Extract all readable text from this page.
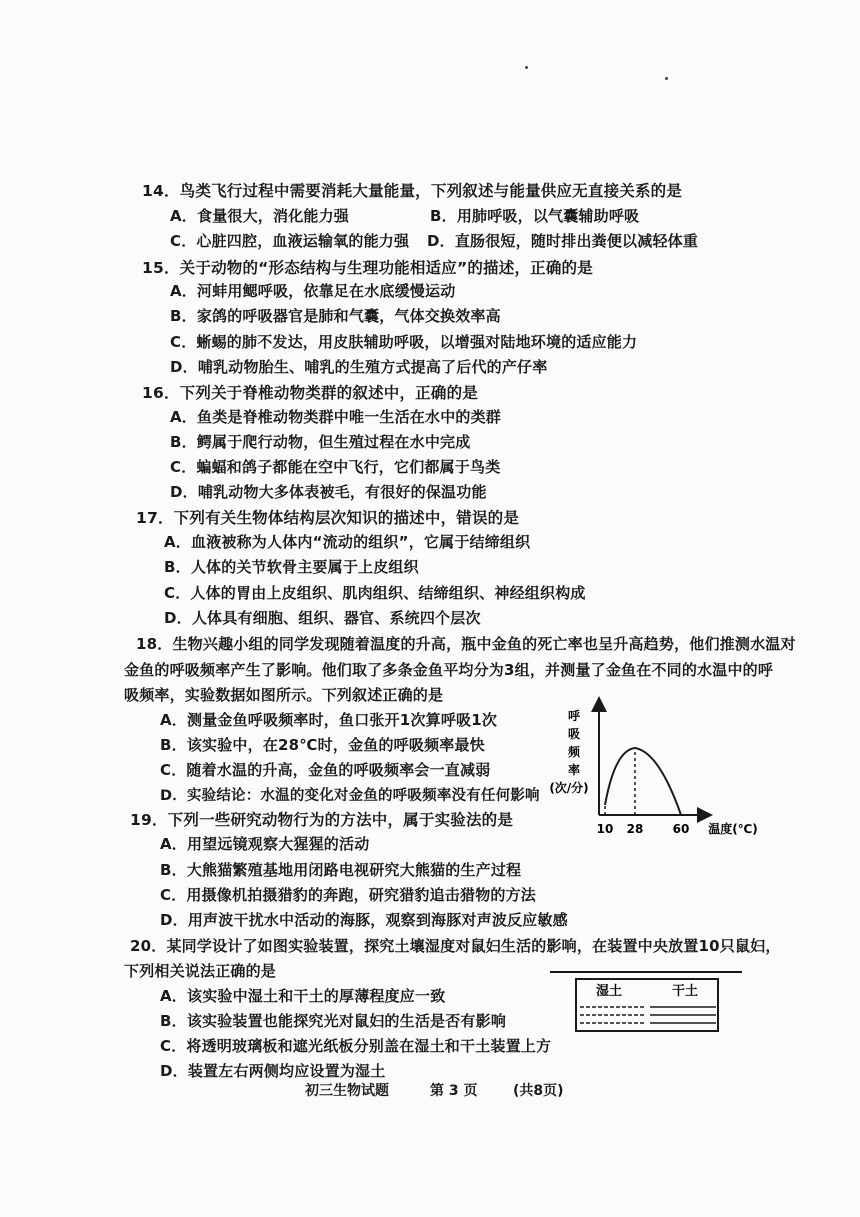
14．鸟类飞行过程中需要消耗大量能量，下列叙述与能量供应无直接关系的是
A．食量很大，消化能力强	B．用肺呼吸，以气囊辅助呼吸
C．心脏四腔，血液运输氧的能力强 D．直肠很短，随时排出粪便以减轻体重
15．关于动物的“形态结构与生理功能相适应”的描述，正确的是
A．河蚌用鳃呼吸，依靠足在水底缓慢运动
B．家鸽的呼吸器官是肺和气囊，气体交换效率高
C．蜥蜴的肺不发达，用皮肤辅助呼吸，以增强对陆地环境的适应能力
D．哺乳动物胎生、哺乳的生殖方式提高了后代的产仔率
16．下列关于脊椎动物类群的叙述中，正确的是
A．鱼类是脊椎动物类群中唯一生活在水中的类群
B．鳄属于爬行动物，但生殖过程在水中完成
C．蝙蝠和鸽子都能在空中飞行，它们都属于鸟类
D．哺乳动物大多体表被毛，有很好的保温功能
17．下列有关生物体结构层次知识的描述中，错误的是
A．血液被称为人体内“流动的组织”，它属于结缔组织
B．人体的关节软骨主要属于上皮组织
C．人体的胃由上皮组织、肌肉组织、结缔组织、神经组织构成
D．人体具有细胞、组织、器官、系统四个层次
18．生物兴趣小组的同学发现随着温度的升高，瓶中金鱼的死亡率也呈升高趋势，他们推测水温对
金鱼的呼吸频率产生了影响。他们取了多条金鱼平均分为3组，并测量了金鱼在不同的水温中的呼
吸频率，实验数据如图所示。下列叙述正确的是
A．测量金鱼呼吸频率时，鱼口张开1次算呼吸1次
B．该实验中，在28℃时，金鱼的呼吸频率最快
C．随着水温的升高，金鱼的呼吸频率会一直减弱
D．实验结论：水温的变化对金鱼的呼吸频率没有任何影响
呼
吸
频
率
(次/分)
10 28 60 温度(℃)
19．下列一些研究动物行为的方法中，属于实验法的是
A．用望远镜观察大猩猩的活动
B．大熊猫繁殖基地用闭路电视研究大熊猫的生产过程
C．用摄像机拍摄猎豹的奔跑，研究猎豹追击猎物的方法
D．用声波干扰水中活动的海豚，观察到海豚对声波反应敏感
20．某同学设计了如图实验装置，探究土壤湿度对鼠妇生活的影响，在装置中央放置10只鼠妇，
下列相关说法正确的是
A．该实验中湿土和干土的厚薄程度应一致
B．该实验装置也能探究光对鼠妇的生活是否有影响
C．将透明玻璃板和遮光纸板分别盖在湿土和干土装置上方
D．装置左右两侧均应设置为湿土
湿土	干土
初三生物试题	第 3 页	(共8页)
